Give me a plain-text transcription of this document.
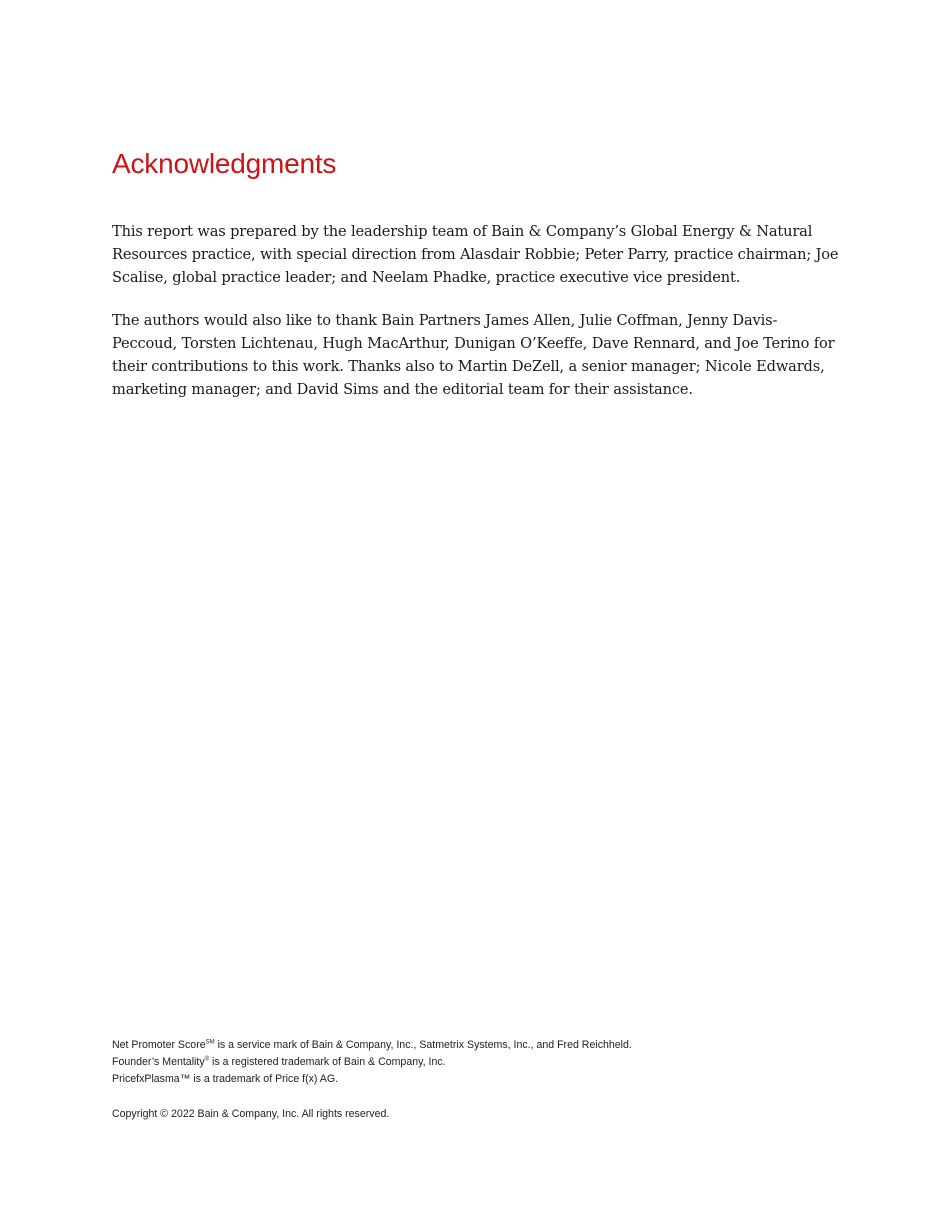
Acknowledgments

This report was prepared by the leadership team of Bain & Company’s Global Energy & Natural Resources practice, with special direction from Alasdair Robbie; Peter Parry, practice chairman; Joe Scalise, global practice leader; and Neelam Phadke, practice executive vice president.

The authors would also like to thank Bain Partners James Allen, Julie Coffman, Jenny Davis-Peccoud, Torsten Lichtenau, Hugh MacArthur, Dunigan O’Keeffe, Dave Rennard, and Joe Terino for their contributions to this work. Thanks also to Martin DeZell, a senior manager; Nicole Edwards, marketing manager; and David Sims and the editorial team for their assistance.

Net Promoter Score℠ is a service mark of Bain & Company, Inc., Satmetrix Systems, Inc., and Fred Reichheld.

Founder’s Mentality® is a registered trademark of Bain & Company, Inc.

PricefxPlasma™ is a trademark of Price f(x) AG.

Copyright © 2022 Bain & Company, Inc. All rights reserved.
